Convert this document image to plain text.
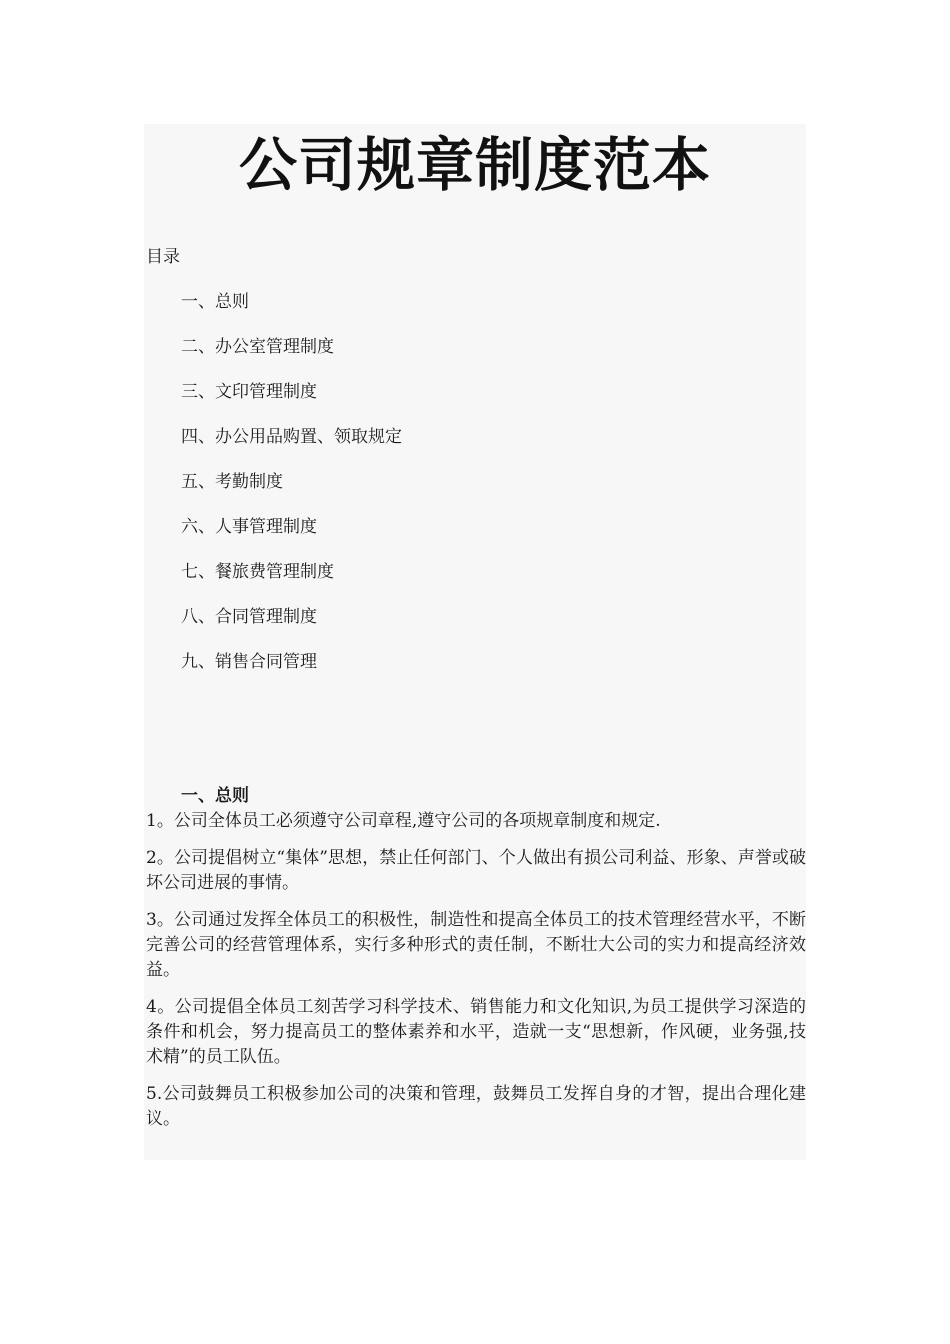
公司规章制度范本
目录
一、总则
二、办公室管理制度
三、文印管理制度
四、办公用品购置、领取规定
五、考勤制度
六、人事管理制度
七、餐旅费管理制度
八、合同管理制度
九、销售合同管理
一、总则

1。公司全体员工必须遵守公司章程,遵守公司的各项规章制度和规定.

2。公司提倡树立“集体”思想，禁止任何部门、个人做出有损公司利益、形象、声誉或破坏公司进展的事情。

3。公司通过发挥全体员工的积极性，制造性和提高全体员工的技术管理经营水平，不断完善公司的经营管理体系，实行多种形式的责任制，不断壮大公司的实力和提高经济效益。

4。公司提倡全体员工刻苦学习科学技术、销售能力和文化知识,为员工提供学习深造的条件和机会，努力提高员工的整体素养和水平，造就一支“思想新，作风硬，业务强,技术精”的员工队伍。

5.公司鼓舞员工积极参加公司的决策和管理，鼓舞员工发挥自身的才智，提出合理化建议。
